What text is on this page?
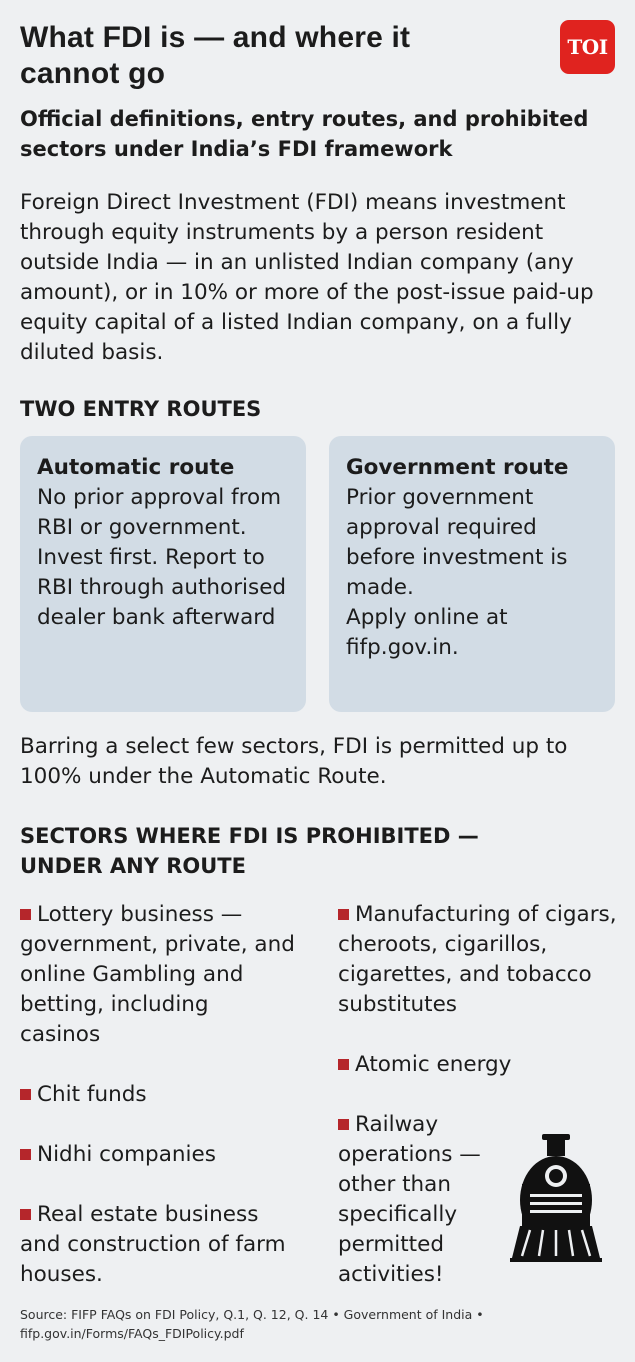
What FDI is — and where it cannot go
TOI

Official definitions, entry routes, and prohibited sectors under India’s FDI framework

Foreign Direct Investment (FDI) means investment through equity instruments by a person resident outside India — in an unlisted Indian company (any amount), or in 10% or more of the post-issue paid-up equity capital of a listed Indian company, on a fully diluted basis.

TWO ENTRY ROUTES

Automatic route
No prior approval from RBI or government. Invest first. Report to RBI through authorised dealer bank afterward
Government route
Prior government approval required before investment is made.
Apply online at fifp.gov.in.

Barring a select few sectors, FDI is permitted up to 100% under the Automatic Route.

SECTORS WHERE FDI IS PROHIBITED — UNDER ANY ROUTE

Lottery business — government, private, and online Gambling and betting, including casinos

Chit funds

Nidhi companies

Real estate business and construction of farm houses.

Manufacturing of cigars, cheroots, cigarillos, cigarettes, and tobacco substitutes

Atomic energy

Railway operations — other than specifically permitted activities!

Source: FIFP FAQs on FDI Policy, Q.1, Q. 12, Q. 14 • Government of India • fifp.gov.in/Forms/FAQs_FDIPolicy.pdf
